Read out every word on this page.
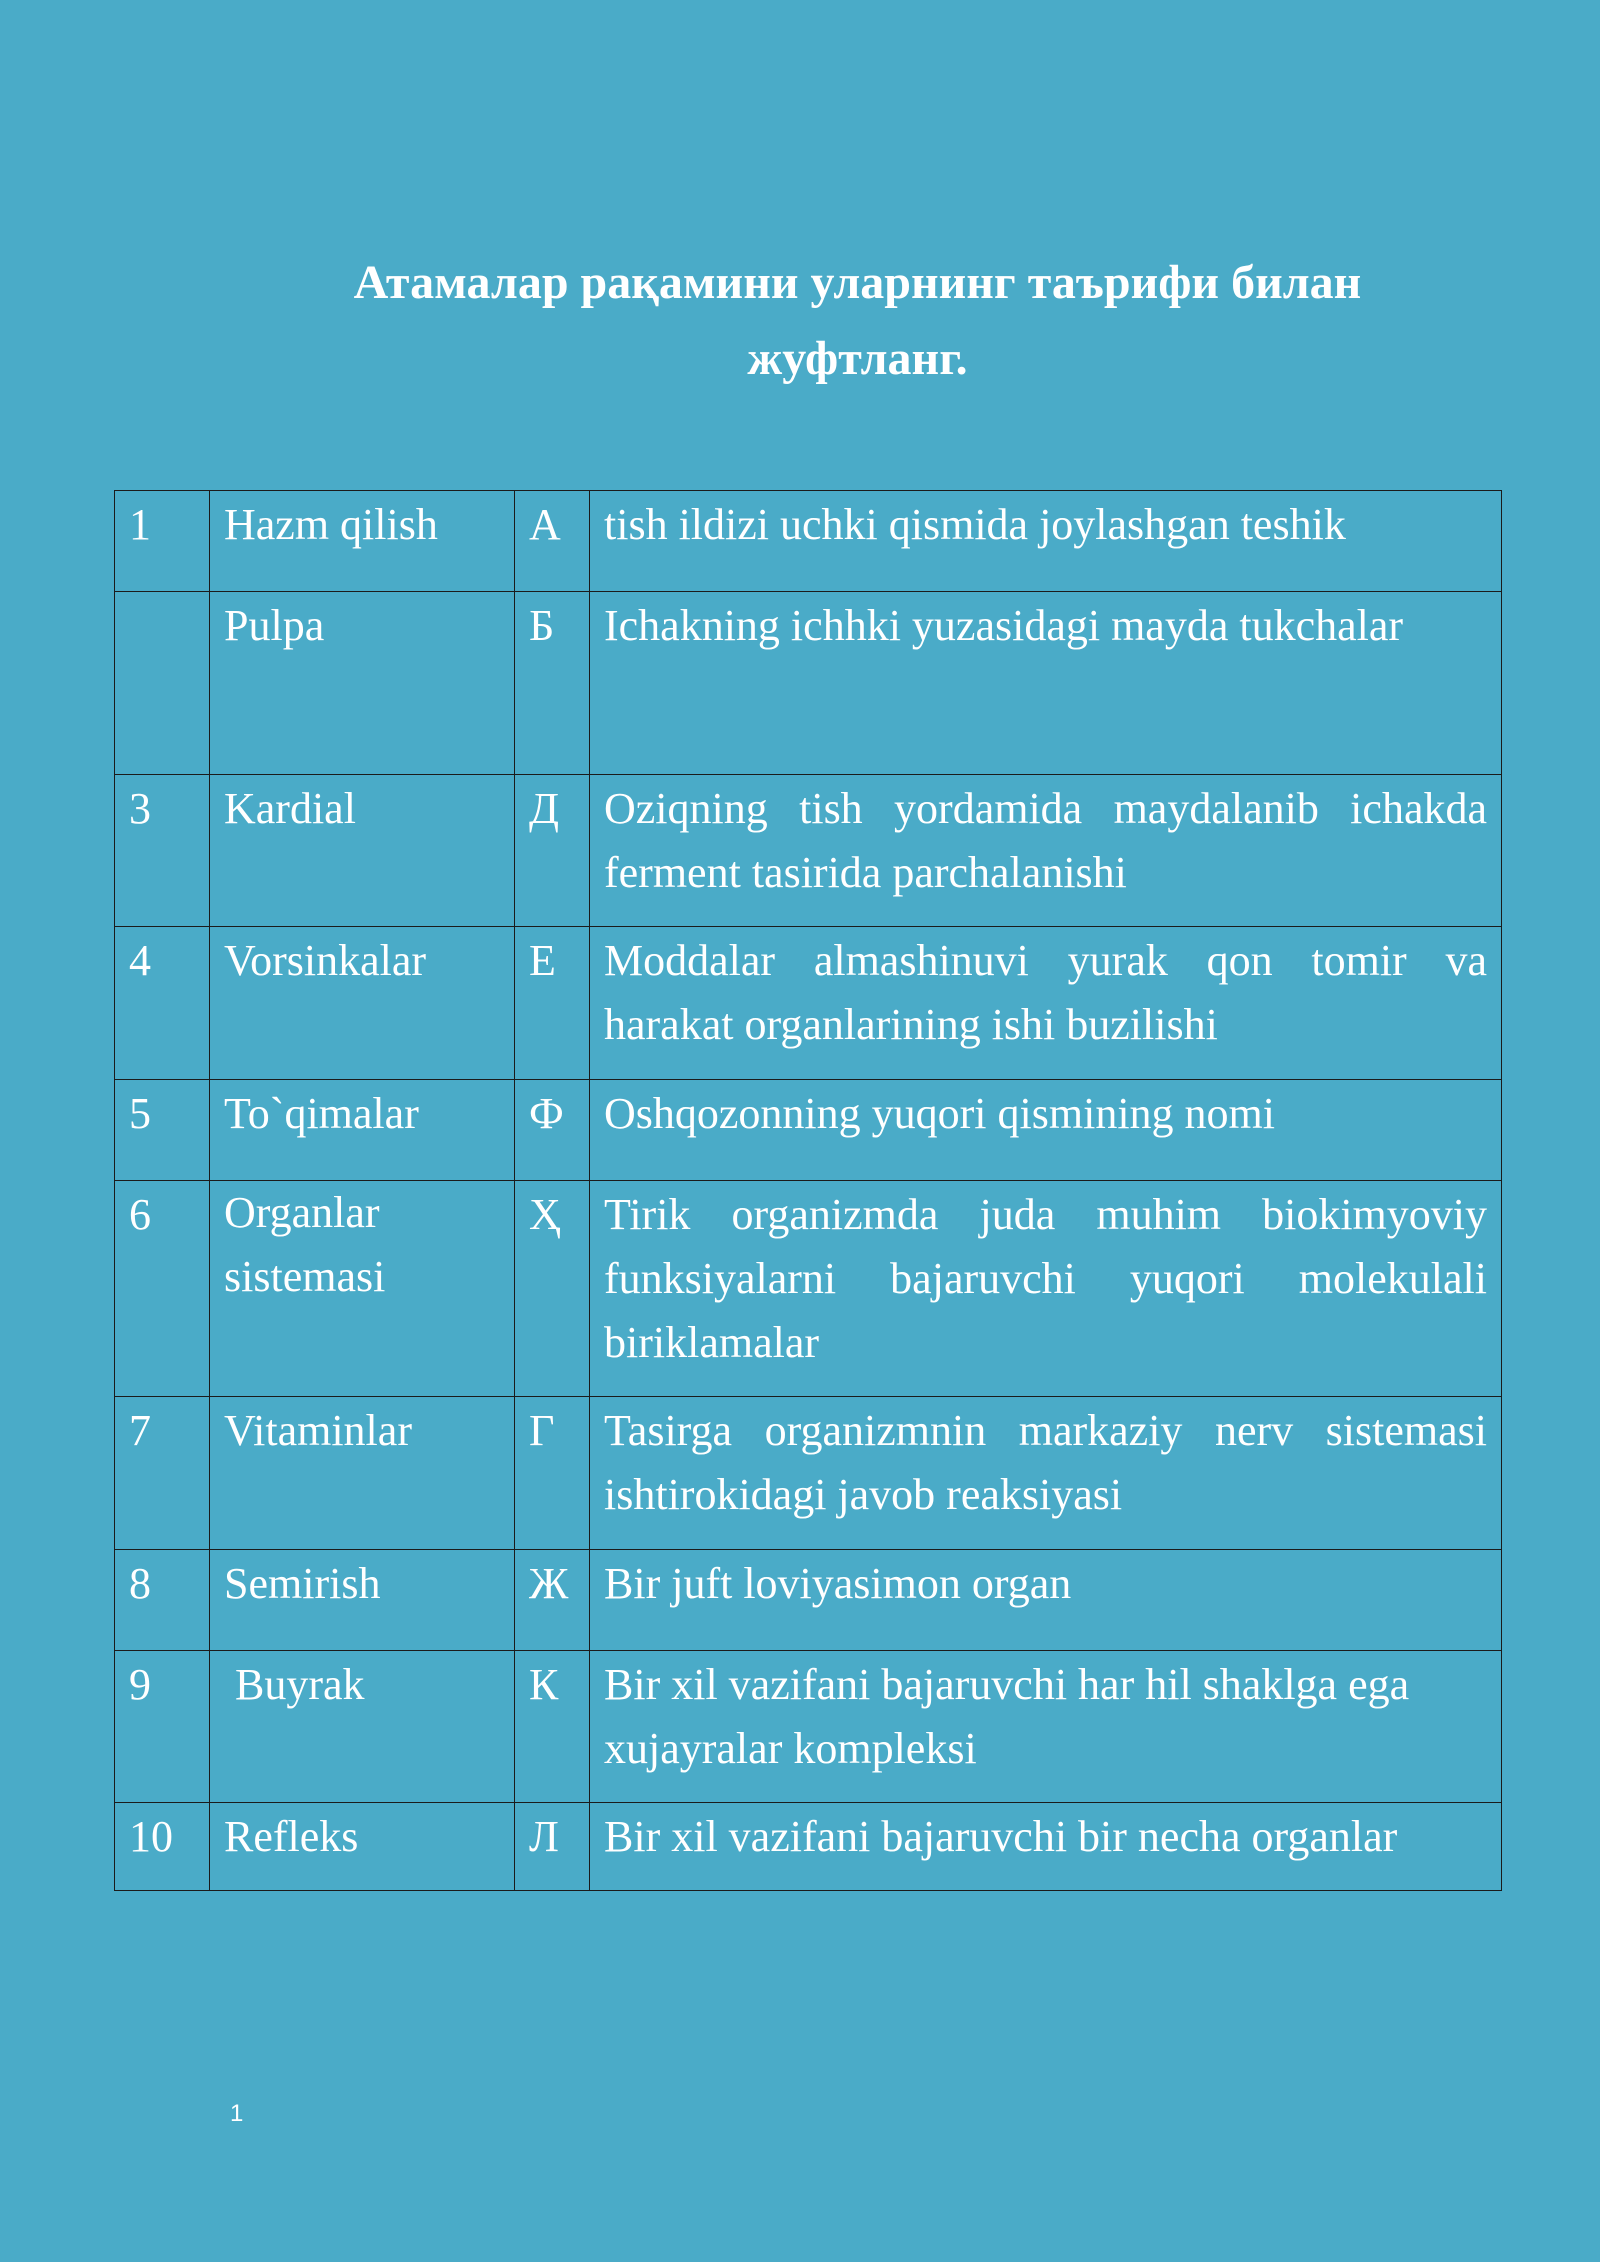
Атамалар рақамини уларнинг таърифи билан жуфтланг.
1	Hazm qilish	А	tish ildizi uchki qismida joylashgan teshik
	Pulpa	Б	Ichakning ichhki yuzasidagi mayda tukchalar
3	Kardial	Д	Oziqning tish yordamida maydalanib ichakda ferment tasirida parchalanishi
4	Vorsinkalar	Е	Moddalar almashinuvi yurak qon tomir va harakat organlarining ishi buzilishi
5	To`qimalar	Ф	Oshqozonning yuqori qismining nomi
6	Organlar sistemasi	Ҳ	Tirik organizmda juda muhim biokimyoviy funksiyalarni bajaruvchi yuqori molekulali biriklamalar
7	Vitaminlar	Г	Tasirga organizmnin markaziy nerv sistemasi ishtirokidagi javob reaksiyasi
8	Semirish	Ж	Bir juft loviyasimon organ
9	Buyrak	К	Bir xil vazifani bajaruvchi har hil shaklga ega xujayralar kompleksi
10	Refleks	Л	Bir xil vazifani bajaruvchi bir necha organlar
1
